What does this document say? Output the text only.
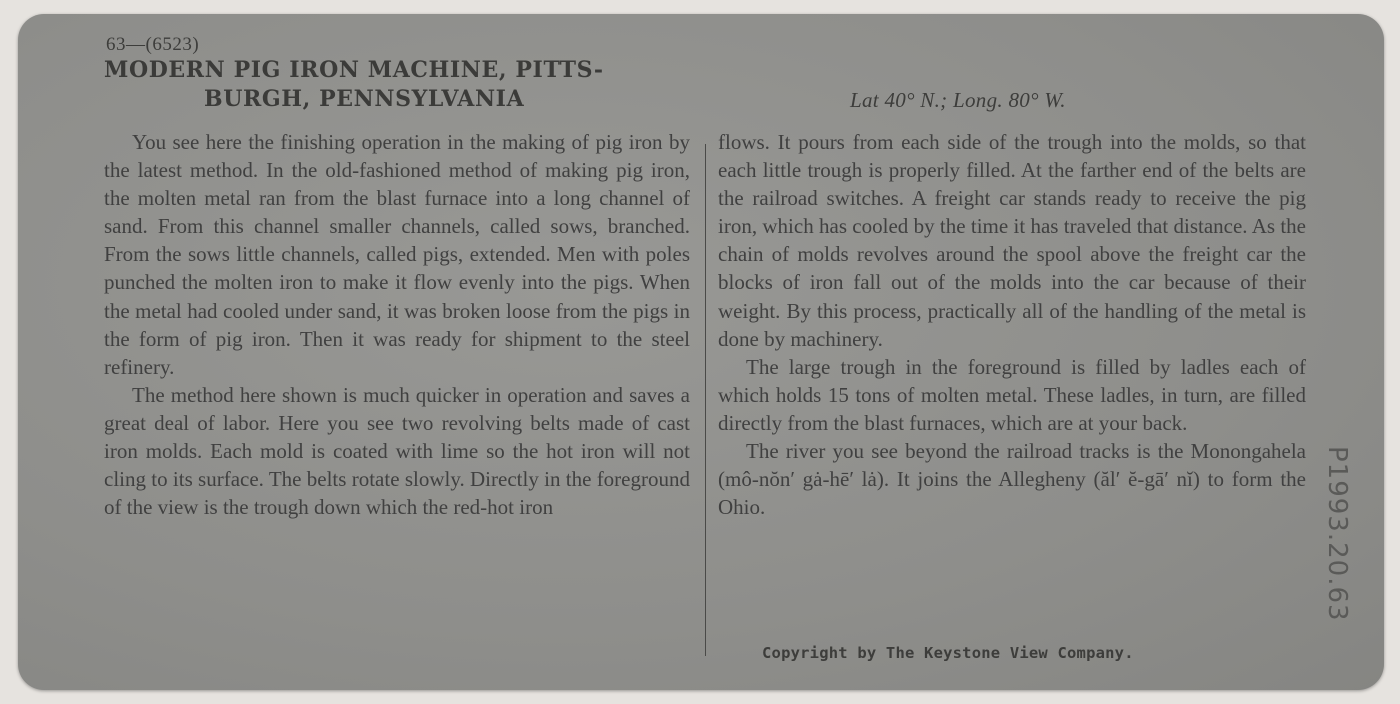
63—(6523)
MODERN PIG IRON MACHINE, PITTS-
BURGH, PENNSYLVANIA	Lat 40° N.; Long. 80° W.

You see here the finishing operation in the making of pig iron by the latest method. In the old-fashioned method of making pig iron, the molten metal ran from the blast furnace into a long channel of sand. From this channel smaller channels, called sows, branched. From the sows little channels, called pigs, extended. Men with poles punched the molten iron to make it flow evenly into the pigs. When the metal had cooled under sand, it was broken loose from the pigs in the form of pig iron. Then it was ready for shipment to the steel refinery.

The method here shown is much quicker in operation and saves a great deal of labor. Here you see two revolving belts made of cast iron molds. Each mold is coated with lime so the hot iron will not cling to its surface. The belts rotate slowly. Directly in the foreground of the view is the trough down which the red-hot iron

flows. It pours from each side of the trough into the molds, so that each little trough is properly filled. At the farther end of the belts are the railroad switches. A freight car stands ready to receive the pig iron, which has cooled by the time it has traveled that distance. As the chain of molds revolves around the spool above the freight car the blocks of iron fall out of the molds into the car because of their weight. By this process, practically all of the handling of the metal is done by machinery.

The large trough in the foreground is filled by ladles each of which holds 15 tons of molten metal. These ladles, in turn, are filled directly from the blast furnaces, which are at your back.

The river you see beyond the railroad tracks is the Monongahela (mô-nŏn′ gȧ-hē′ lȧ). It joins the Allegheny (ăl′ ĕ-gā′ nĭ) to form the Ohio.

Copyright by The Keystone View Company.
P1993.20.63
